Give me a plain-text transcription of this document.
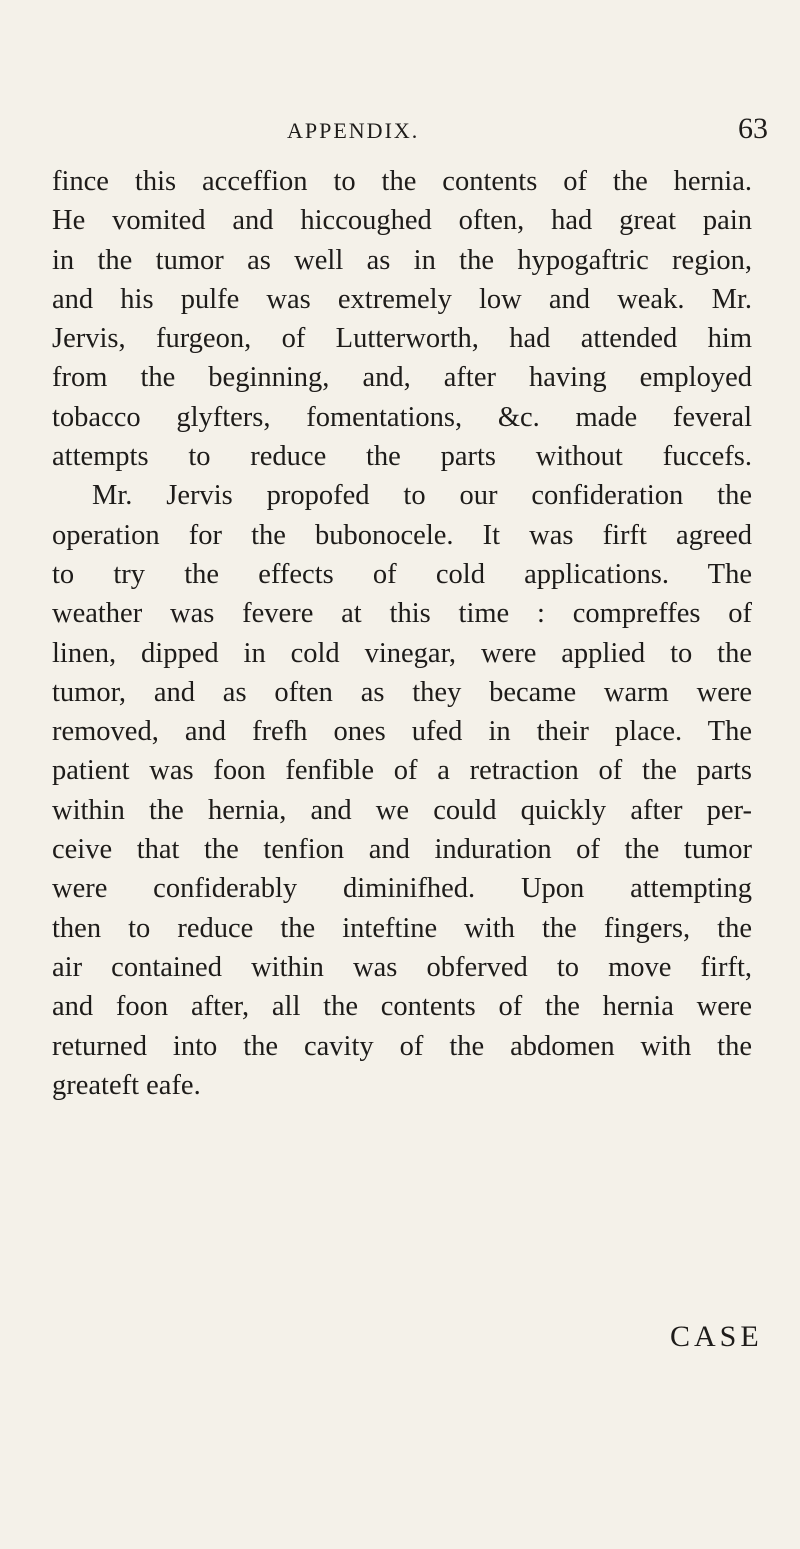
APPENDIX.	63
fince this acceffion to the contents of the hernia.
He vomited and hiccoughed often, had great pain
in the tumor as well as in the hypogaftric region,
and his pulfe was extremely low and weak. Mr.
Jervis, furgeon, of Lutterworth, had attended him
from the beginning, and, after having employed
tobacco glyfters, fomentations, &c. made feveral
attempts to reduce the parts without fuccefs.
Mr. Jervis propofed to our confideration the
operation for the bubonocele. It was firft agreed
to try the effects of cold applications. The
weather was fevere at this time : compreffes of
linen, dipped in cold vinegar, were applied to the
tumor, and as often as they became warm were
removed, and frefh ones ufed in their place. The
patient was foon fenfible of a retraction of the parts
within the hernia, and we could quickly after per-
ceive that the tenfion and induration of the tumor
were confiderably diminifhed. Upon attempting
then to reduce the inteftine with the fingers, the
air contained within was obferved to move firft,
and foon after, all the contents of the hernia were
returned into the cavity of the abdomen with the
greateft eafe.
CASE
